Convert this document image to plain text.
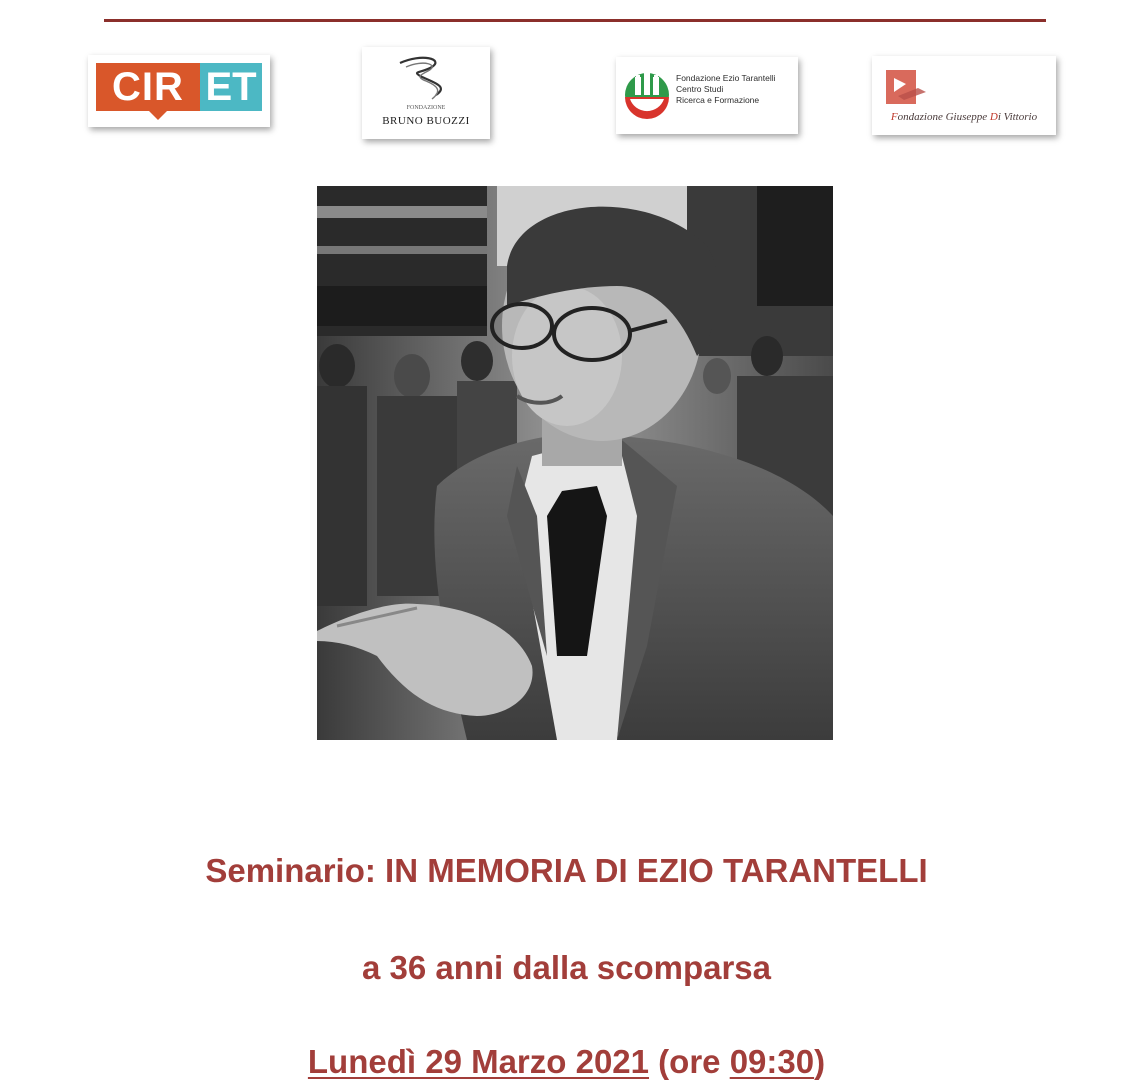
CIR ET	FONDAZIONE
BRUNO BUOZZI
Fondazione Ezio Tarantelli
Centro Studi
Ricerca e Formazione
Fondazione Giuseppe Di Vittorio
Seminario: IN MEMORIA DI EZIO TARANTELLI
a 36 anni dalla scomparsa
Lunedì 29 Marzo 2021 (ore 09:30)
